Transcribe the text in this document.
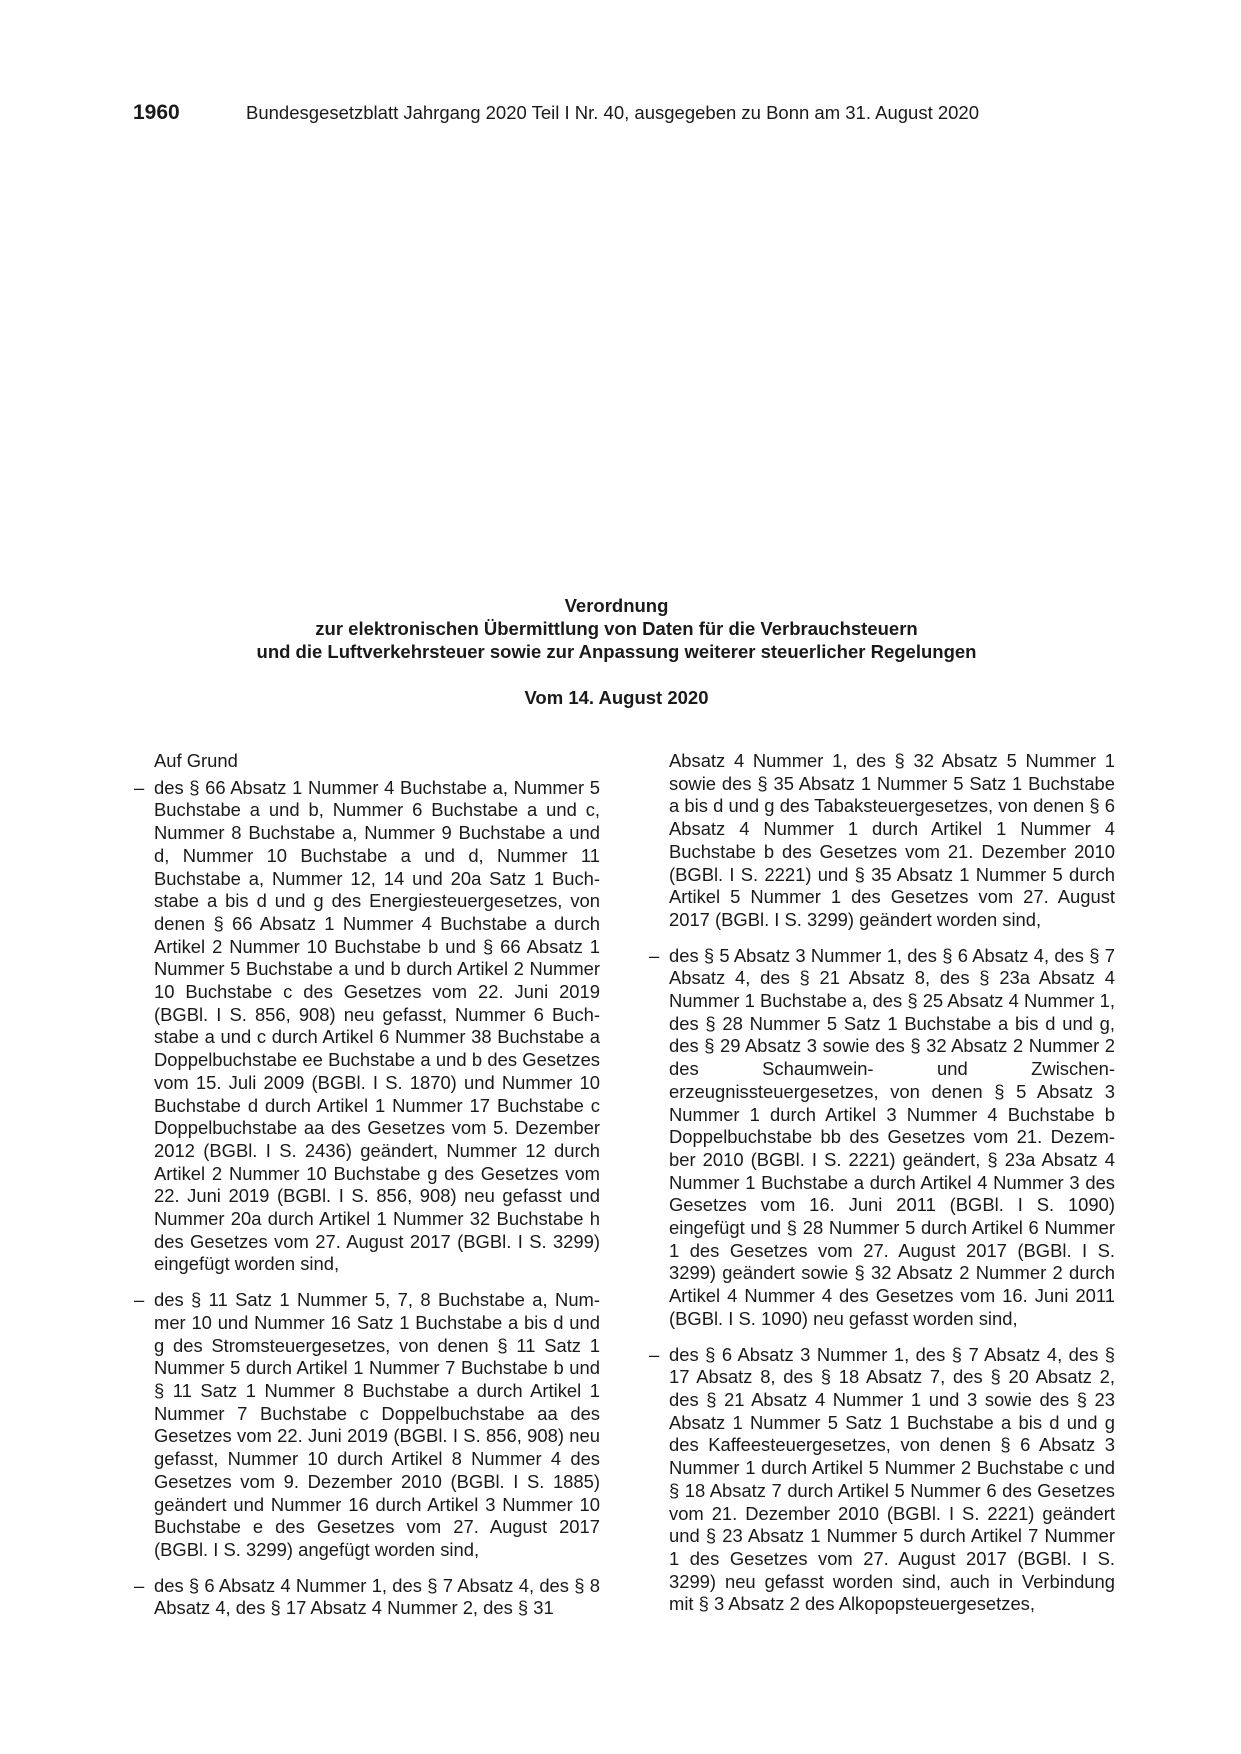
1960	Bundesgesetzblatt Jahrgang 2020 Teil I Nr. 40, ausgegeben zu Bonn am 31. August 2020
Verordnung
zur elektronischen Übermittlung von Daten für die Verbrauchsteuern
und die Luftverkehrsteuer sowie zur Anpassung weiterer steuerlicher Regelungen
Vom 14. August 2020

Auf Grund

– des § 66 Absatz 1 Nummer 4 Buchstabe a, Nummer 5 Buchstabe a und b, Nummer 6 Buchstabe a und c, Nummer 8 Buchstabe a, Nummer 9 Buchstabe a und d, Nummer 10 Buchstabe a und d, Nummer 11 Buchstabe a, Nummer 12, 14 und 20a Satz 1 Buchstabe a bis d und g des Energiesteuergesetzes, von denen § 66 Absatz 1 Nummer 4 Buchstabe a durch Artikel 2 Nummer 10 Buchstabe b und § 66 Absatz 1 Nummer 5 Buchstabe a und b durch Artikel 2 Nummer 10 Buchstabe c des Gesetzes vom 22. Juni 2019 (BGBl. I S. 856, 908) neu gefasst, Nummer 6 Buchstabe a und c durch Artikel 6 Nummer 38 Buchstabe a Doppelbuchstabe ee Buchstabe a und b des Gesetzes vom 15. Juli 2009 (BGBl. I S. 1870) und Nummer 10 Buchstabe d durch Artikel 1 Nummer 17 Buchstabe c Doppelbuchstabe aa des Gesetzes vom 5. Dezember 2012 (BGBl. I S. 2436) geändert, Nummer 12 durch Artikel 2 Nummer 10 Buchstabe g des Gesetzes vom 22. Juni 2019 (BGBl. I S. 856, 908) neu gefasst und Nummer 20a durch Artikel 1 Nummer 32 Buchstabe h des Gesetzes vom 27. August 2017 (BGBl. I S. 3299) eingefügt worden sind,

– des § 11 Satz 1 Nummer 5, 7, 8 Buchstabe a, Nummer 10 und Nummer 16 Satz 1 Buchstabe a bis d und g des Stromsteuergesetzes, von denen § 11 Satz 1 Nummer 5 durch Artikel 1 Nummer 7 Buchstabe b und § 11 Satz 1 Nummer 8 Buchstabe a durch Artikel 1 Nummer 7 Buchstabe c Doppelbuchstabe aa des Gesetzes vom 22. Juni 2019 (BGBl. I S. 856, 908) neu gefasst, Nummer 10 durch Artikel 8 Nummer 4 des Gesetzes vom 9. Dezember 2010 (BGBl. I S. 1885) geändert und Nummer 16 durch Artikel 3 Nummer 10 Buchstabe e des Gesetzes vom 27. August 2017 (BGBl. I S. 3299) angefügt worden sind,

– des § 6 Absatz 4 Nummer 1, des § 7 Absatz 4, des § 8 Absatz 4, des § 17 Absatz 4 Nummer 2, des § 31

Absatz 4 Nummer 1, des § 32 Absatz 5 Nummer 1 sowie des § 35 Absatz 1 Nummer 5 Satz 1 Buchstabe a bis d und g des Tabaksteuergesetzes, von denen § 6 Absatz 4 Nummer 1 durch Artikel 1 Nummer 4 Buchstabe b des Gesetzes vom 21. Dezember 2010 (BGBl. I S. 2221) und § 35 Absatz 1 Nummer 5 durch Artikel 5 Nummer 1 des Gesetzes vom 27. August 2017 (BGBl. I S. 3299) geändert worden sind,

– des § 5 Absatz 3 Nummer 1, des § 6 Absatz 4, des § 7 Absatz 4, des § 21 Absatz 8, des § 23a Absatz 4 Nummer 1 Buchstabe a, des § 25 Absatz 4 Nummer 1, des § 28 Nummer 5 Satz 1 Buchstabe a bis d und g, des § 29 Absatz 3 sowie des § 32 Absatz 2 Nummer 2 des Schaumwein- und Zwischenerzeugnissteuergesetzes, von denen § 5 Absatz 3 Nummer 1 durch Artikel 3 Nummer 4 Buchstabe b Doppelbuchstabe bb des Gesetzes vom 21. Dezember 2010 (BGBl. I S. 2221) geändert, § 23a Absatz 4 Nummer 1 Buchstabe a durch Artikel 4 Nummer 3 des Gesetzes vom 16. Juni 2011 (BGBl. I S. 1090) eingefügt und § 28 Nummer 5 durch Artikel 6 Nummer 1 des Gesetzes vom 27. August 2017 (BGBl. I S. 3299) geändert sowie § 32 Absatz 2 Nummer 2 durch Artikel 4 Nummer 4 des Gesetzes vom 16. Juni 2011 (BGBl. I S. 1090) neu gefasst worden sind,

– des § 6 Absatz 3 Nummer 1, des § 7 Absatz 4, des § 17 Absatz 8, des § 18 Absatz 7, des § 20 Absatz 2, des § 21 Absatz 4 Nummer 1 und 3 sowie des § 23 Absatz 1 Nummer 5 Satz 1 Buchstabe a bis d und g des Kaffeesteuergesetzes, von denen § 6 Absatz 3 Nummer 1 durch Artikel 5 Nummer 2 Buchstabe c und § 18 Absatz 7 durch Artikel 5 Nummer 6 des Gesetzes vom 21. Dezember 2010 (BGBl. I S. 2221) geändert und § 23 Absatz 1 Nummer 5 durch Artikel 7 Nummer 1 des Gesetzes vom 27. August 2017 (BGBl. I S. 3299) neu gefasst worden sind, auch in Verbindung mit § 3 Absatz 2 des Alkopopsteuergesetzes,
